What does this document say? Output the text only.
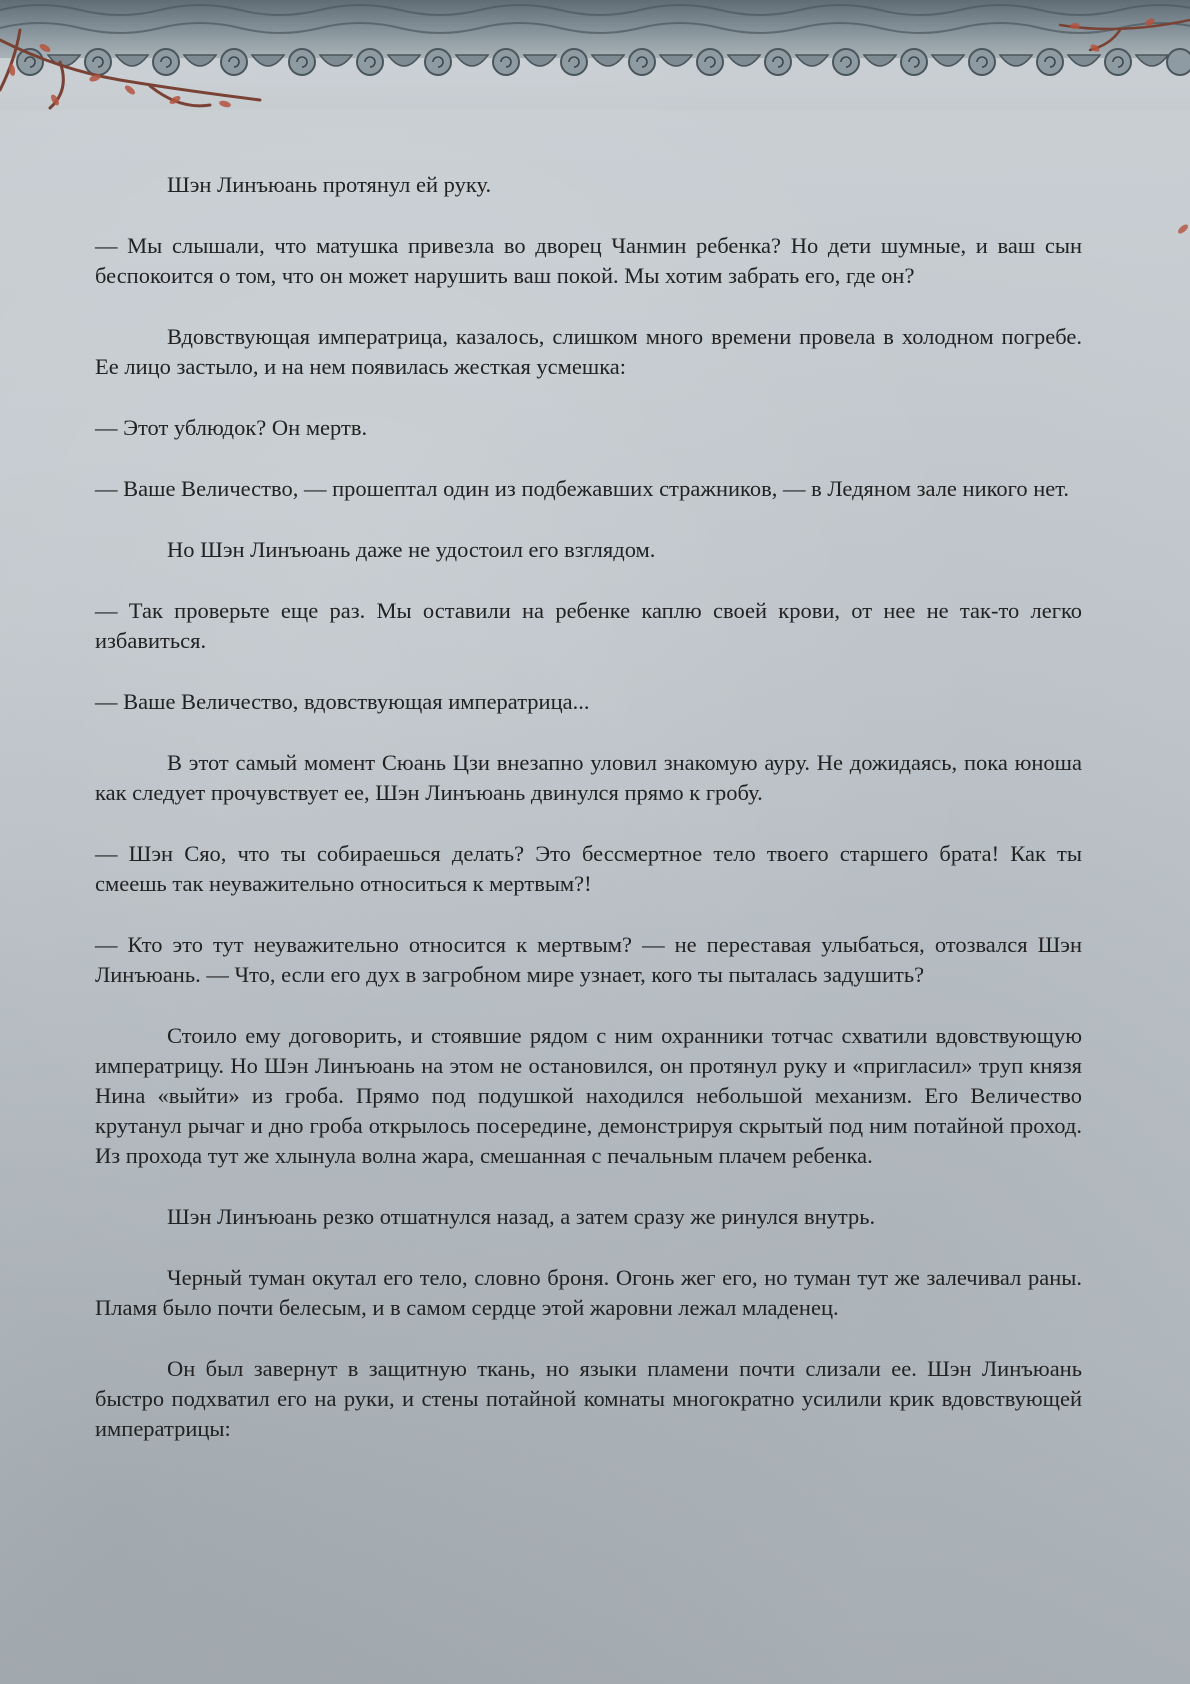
Шэн Линъюань протянул ей руку.

— Мы слышали, что матушка привезла во дворец Чанмин ребенка? Но дети шумные, и ваш сын беспокоится о том, что он может нарушить ваш покой. Мы хотим забрать его, где он?

Вдовствующая императрица, казалось, слишком много времени провела в холодном погребе. Ее лицо застыло, и на нем появилась жесткая усмешка:

— Этот ублюдок? Он мертв.

— Ваше Величество, — прошептал один из подбежавших стражников, — в Ледяном зале никого нет.

Но Шэн Линъюань даже не удостоил его взглядом.

— Так проверьте еще раз. Мы оставили на ребенке каплю своей крови, от нее не так-то легко избавиться.

— Ваше Величество, вдовствующая императрица...

В этот самый момент Сюань Цзи внезапно уловил знакомую ауру. Не дожидаясь, пока юноша как следует прочувствует ее, Шэн Линъюань двинулся прямо к гробу.

— Шэн Сяо, что ты собираешься делать? Это бессмертное тело твоего старшего брата! Как ты смеешь так неуважительно относиться к мертвым?!

— Кто это тут неуважительно относится к мертвым? — не переставая улыбаться, отозвался Шэн Линъюань. — Что, если его дух в загробном мире узнает, кого ты пыталась задушить?

Стоило ему договорить, и стоявшие рядом с ним охранники тотчас схватили вдовствующую императрицу. Но Шэн Линъюань на этом не остановился, он протянул руку и «пригласил» труп князя Нина «выйти» из гроба. Прямо под подушкой находился небольшой механизм. Его Величество крутанул рычаг и дно гроба открылось посередине, демонстрируя скрытый под ним потайной проход. Из прохода тут же хлынула волна жара, смешанная с печальным плачем ребенка.

Шэн Линъюань резко отшатнулся назад, а затем сразу же ринулся внутрь.

Черный туман окутал его тело, словно броня. Огонь жег его, но туман тут же залечивал раны. Пламя было почти белесым, и в самом сердце этой жаровни лежал младенец.

Он был завернут в защитную ткань, но языки пламени почти слизали ее. Шэн Линъюань быстро подхватил его на руки, и стены потайной комнаты многократно усилили крик вдовствующей императрицы:
